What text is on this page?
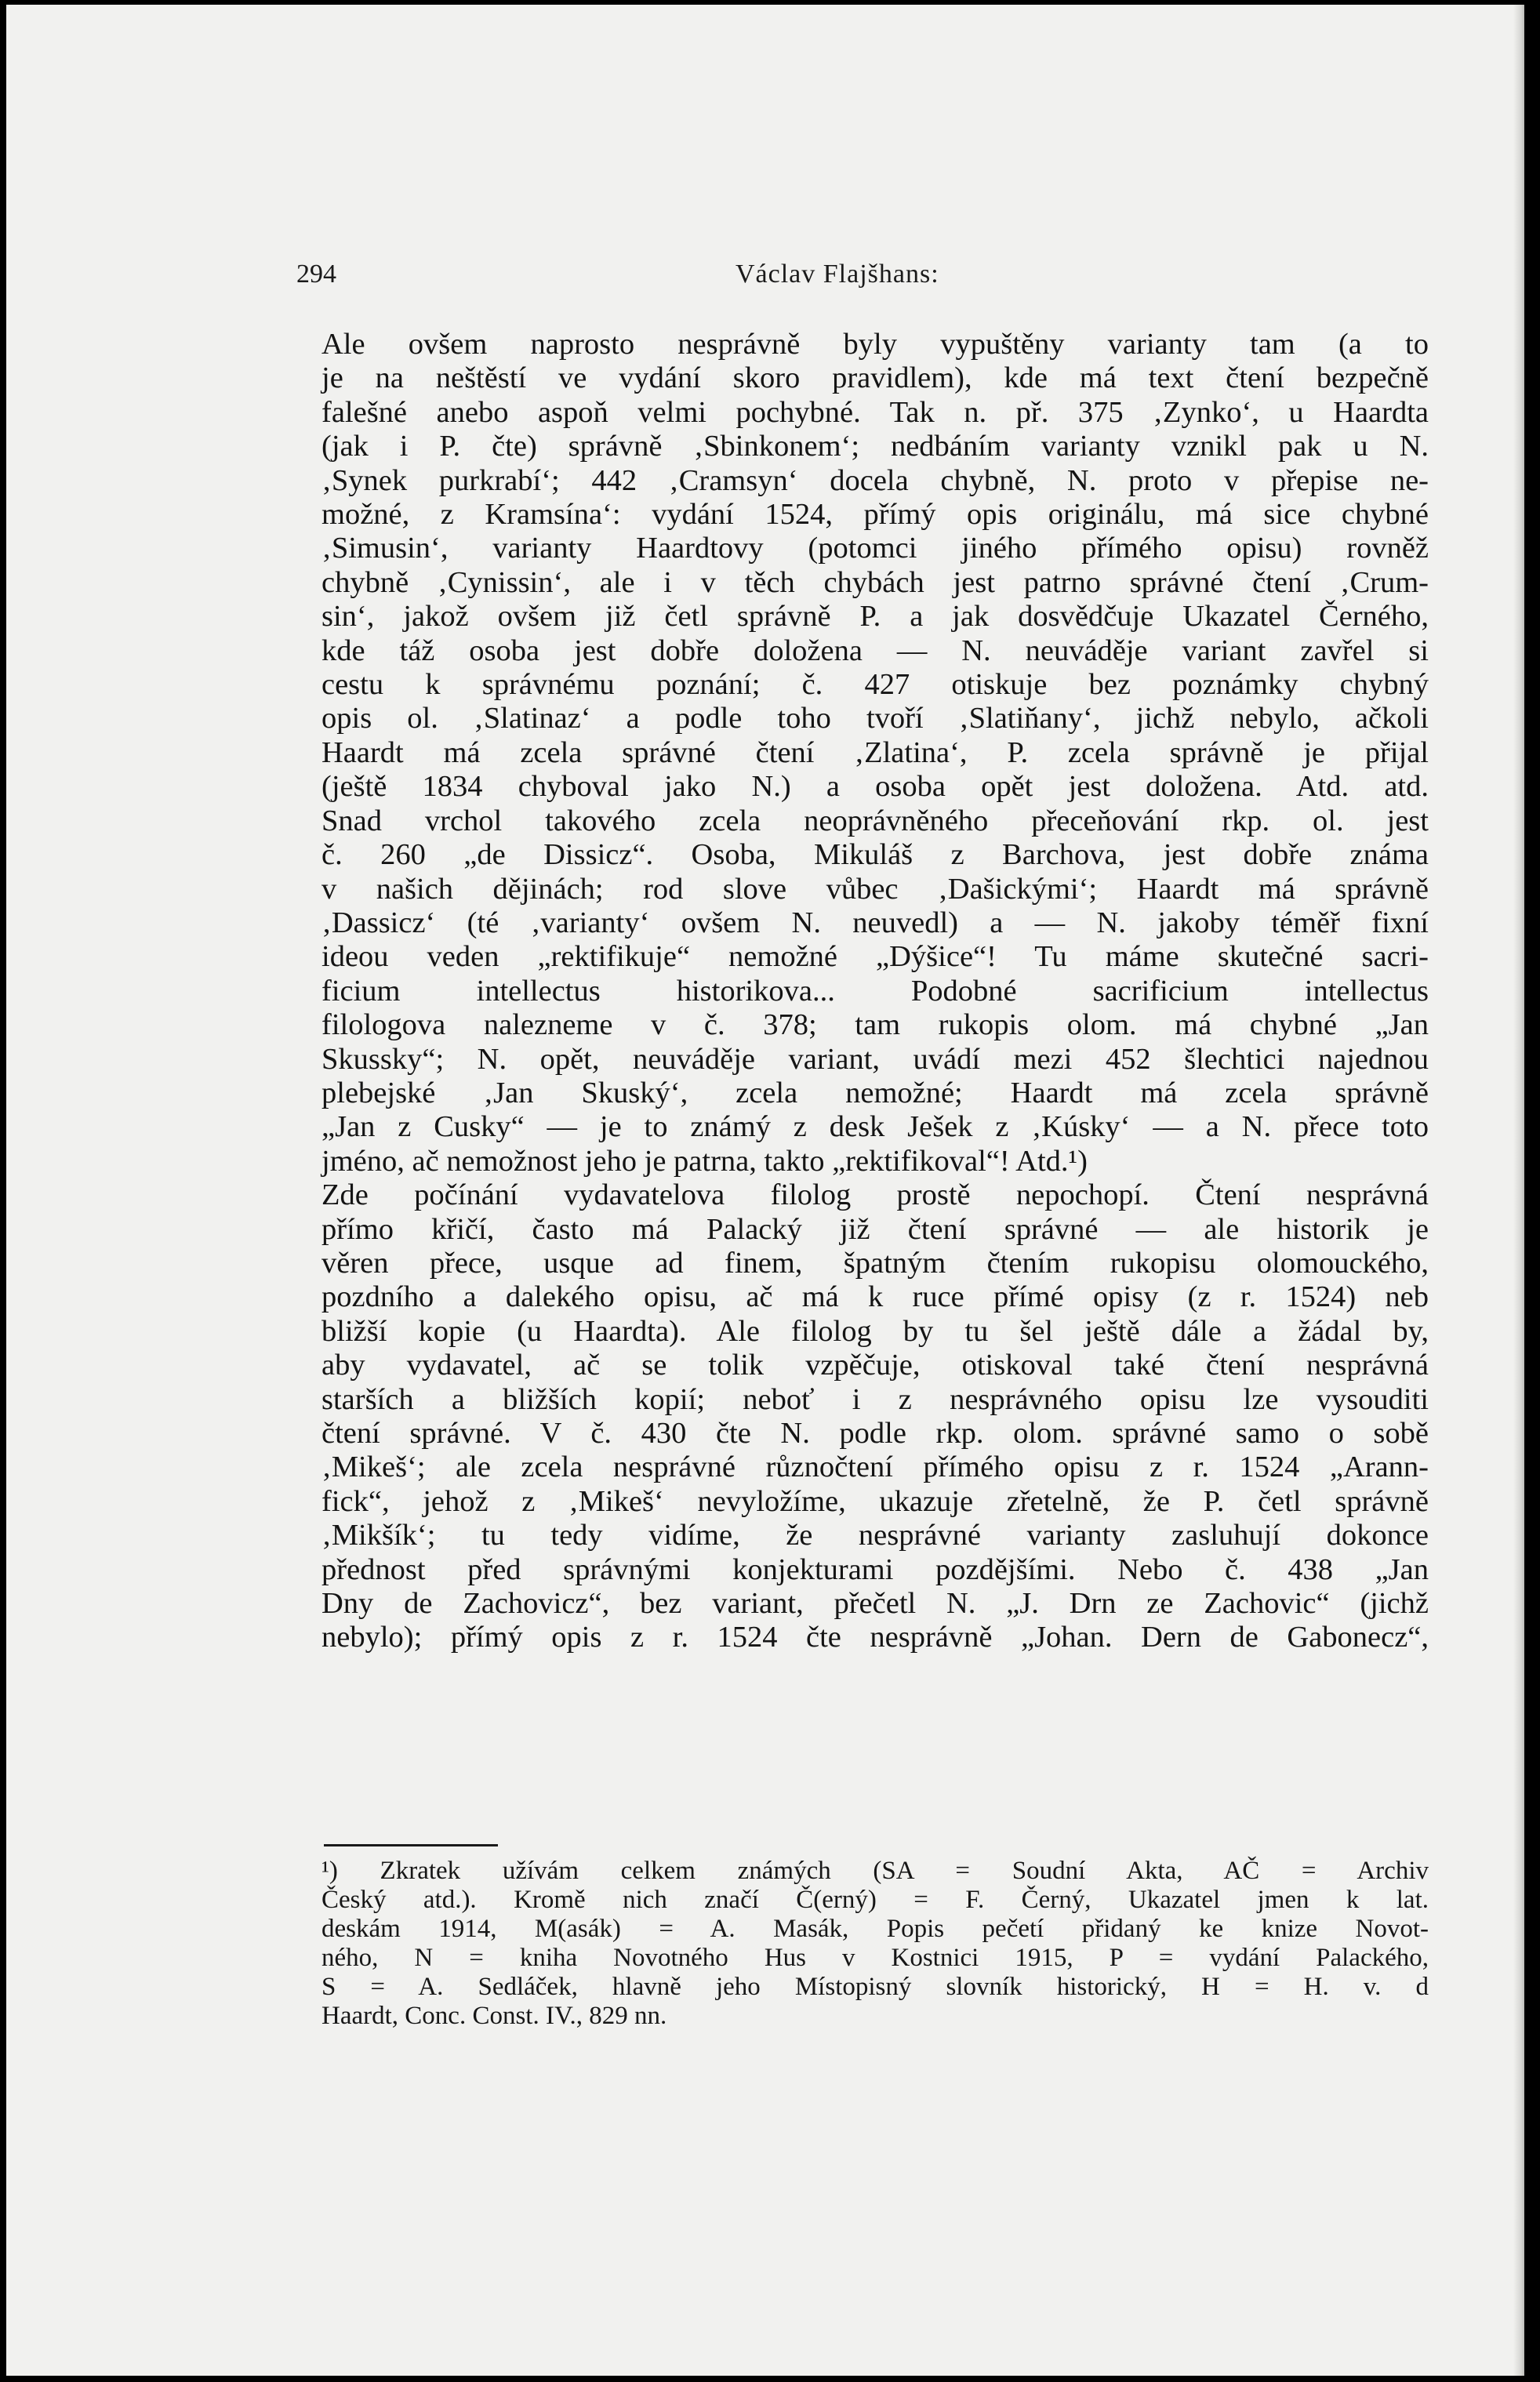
294	Václav Flajšhans:

Ale ovšem naprosto nesprávně byly vypuštěny varianty tam (a to

je na neštěstí ve vydání skoro pravidlem), kde má text čtení bezpečně

falešné anebo aspoň velmi pochybné. Tak n. př. 375 ‚Zynko‘, u Haardta

(jak i P. čte) správně ‚Sbinkonem‘; nedbáním varianty vznikl pak u N.

‚Synek purkrabí‘; 442 ‚Cramsyn‘ docela chybně, N. proto v přepise ne-

možné, z Kramsína‘: vydání 1524, přímý opis originálu, má sice chybné

‚Simusin‘, varianty Haardtovy (potomci jiného přímého opisu) rovněž

chybně ‚Cynissin‘, ale i v těch chybách jest patrno správné čtení ‚Crum-

sin‘, jakož ovšem již četl správně P. a jak dosvědčuje Ukazatel Černého,

kde táž osoba jest dobře doložena — N. neuváděje variant zavřel si

cestu k správnému poznání; č. 427 otiskuje bez poznámky chybný

opis ol. ‚Slatinaz‘ a podle toho tvoří ‚Slatiňany‘, jichž nebylo, ačkoli

Haardt má zcela správné čtení ‚Zlatina‘, P. zcela správně je přijal

(ještě 1834 chyboval jako N.) a osoba opět jest doložena. Atd. atd.

Snad vrchol takového zcela neoprávněného přeceňování rkp. ol. jest

č. 260 „de Dissicz“. Osoba, Mikuláš z Barchova, jest dobře známa

v našich dějinách; rod slove vůbec ‚Dašickými‘; Haardt má správně

‚Dassicz‘ (té ‚varianty‘ ovšem N. neuvedl) a — N. jakoby téměř fixní

ideou veden „rektifikuje“ nemožné „Dýšice“! Tu máme skutečné sacri-

ficium intellectus historikova... Podobné sacrificium intellectus

filologova nalezneme v č. 378; tam rukopis olom. má chybné „Jan

Skussky“; N. opět, neuváděje variant, uvádí mezi 452 šlechtici najednou

plebejské ‚Jan Skuský‘, zcela nemožné; Haardt má zcela správně

„Jan z Cusky“ — je to známý z desk Ješek z ‚Kúsky‘ — a N. přece toto

jméno, ač nemožnost jeho je patrna, takto „rektifikoval“! Atd.¹)

Zde počínání vydavatelova filolog prostě nepochopí. Čtení nesprávná

přímo křičí, často má Palacký již čtení správné — ale historik je

věren přece, usque ad finem, špatným čtením rukopisu olomouckého,

pozdního a dalekého opisu, ač má k ruce přímé opisy (z r. 1524) neb

bližší kopie (u Haardta). Ale filolog by tu šel ještě dále a žádal by,

aby vydavatel, ač se tolik vzpěčuje, otiskoval také čtení nesprávná

starších a bližších kopií; neboť i z nesprávného opisu lze vysouditi

čtení správné. V č. 430 čte N. podle rkp. olom. správné samo o sobě

‚Mikeš‘; ale zcela nesprávné různočtení přímého opisu z r. 1524 „Arann-

fick“, jehož z ‚Mikeš‘ nevyložíme, ukazuje zřetelně, že P. četl správně

‚Mikšík‘; tu tedy vidíme, že nesprávné varianty zasluhují dokonce

přednost před správnými konjekturami pozdějšími. Nebo č. 438 „Jan

Dny de Zachovicz“, bez variant, přečetl N. „J. Drn ze Zachovic“ (jichž

nebylo); přímý opis z r. 1524 čte nesprávně „Johan. Dern de Gabonecz“,

¹) Zkratek užívám celkem známých (SA = Soudní Akta, AČ = Archiv

Český atd.). Kromě nich značí Č(erný) = F. Černý, Ukazatel jmen k lat.

deskám 1914, M(asák) = A. Masák, Popis pečetí přidaný ke knize Novot-

ného, N = kniha Novotného Hus v Kostnici 1915, P = vydání Palackého,

S = A. Sedláček, hlavně jeho Místopisný slovník historický, H = H. v. d

Haardt, Conc. Const. IV., 829 nn.
